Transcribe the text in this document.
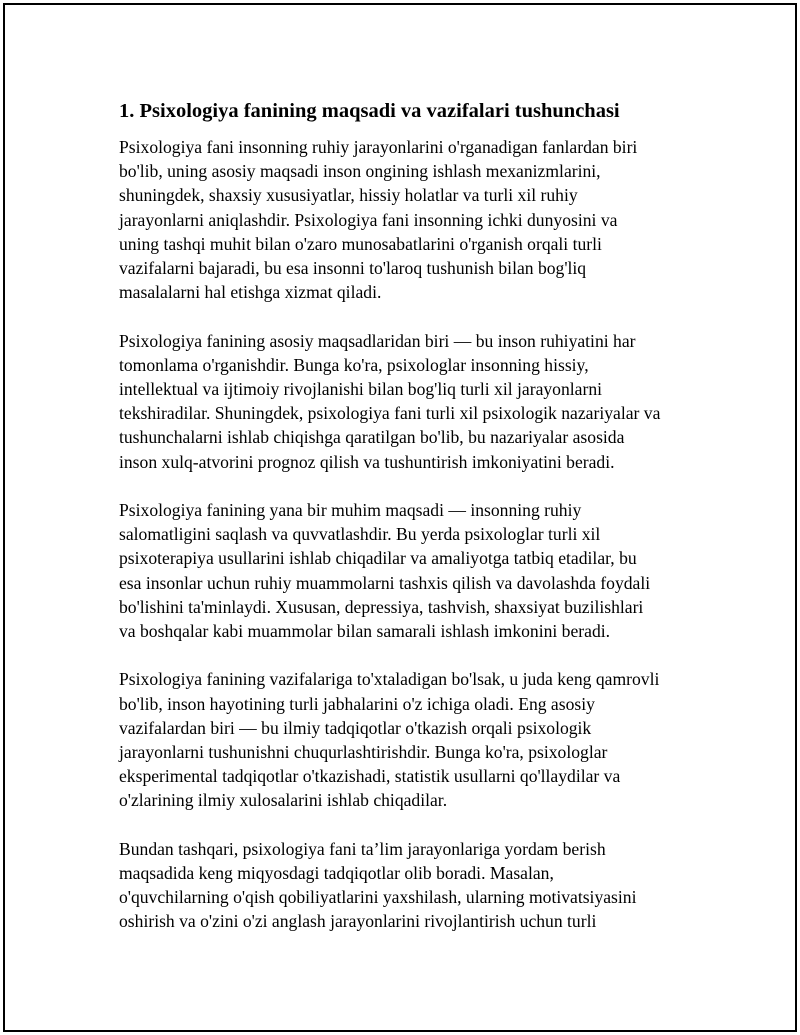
1. Psixologiya fanining maqsadi va vazifalari tushunchasi

Psixologiya fani insonning ruhiy jarayonlarini o'rganadigan fanlardan biri
bo'lib, uning asosiy maqsadi inson ongining ishlash mexanizmlarini,
shuningdek, shaxsiy xususiyatlar, hissiy holatlar va turli xil ruhiy
jarayonlarni aniqlashdir. Psixologiya fani insonning ichki dunyosini va
uning tashqi muhit bilan o'zaro munosabatlarini o'rganish orqali turli
vazifalarni bajaradi, bu esa insonni to'laroq tushunish bilan bog'liq
masalalarni hal etishga xizmat qiladi.

Psixologiya fanining asosiy maqsadlaridan biri — bu inson ruhiyatini har
tomonlama o'rganishdir. Bunga ko'ra, psixologlar insonning hissiy,
intellektual va ijtimoiy rivojlanishi bilan bog'liq turli xil jarayonlarni
tekshiradilar. Shuningdek, psixologiya fani turli xil psixologik nazariyalar va
tushunchalarni ishlab chiqishga qaratilgan bo'lib, bu nazariyalar asosida
inson xulq-atvorini prognoz qilish va tushuntirish imkoniyatini beradi.

Psixologiya fanining yana bir muhim maqsadi — insonning ruhiy
salomatligini saqlash va quvvatlashdir. Bu yerda psixologlar turli xil
psixoterapiya usullarini ishlab chiqadilar va amaliyotga tatbiq etadilar, bu
esa insonlar uchun ruhiy muammolarni tashxis qilish va davolashda foydali
bo'lishini ta'minlaydi. Xususan, depressiya, tashvish, shaxsiyat buzilishlari
va boshqalar kabi muammolar bilan samarali ishlash imkonini beradi.

Psixologiya fanining vazifalariga to'xtaladigan bo'lsak, u juda keng qamrovli
bo'lib, inson hayotining turli jabhalarini o'z ichiga oladi. Eng asosiy
vazifalardan biri — bu ilmiy tadqiqotlar o'tkazish orqali psixologik
jarayonlarni tushunishni chuqurlashtirishdir. Bunga ko'ra, psixologlar
eksperimental tadqiqotlar o'tkazishadi, statistik usullarni qo'llaydilar va
o'zlarining ilmiy xulosalarini ishlab chiqadilar.

Bundan tashqari, psixologiya fani ta’lim jarayonlariga yordam berish
maqsadida keng miqyosdagi tadqiqotlar olib boradi. Masalan,
o'quvchilarning o'qish qobiliyatlarini yaxshilash, ularning motivatsiyasini
oshirish va o'zini o'zi anglash jarayonlarini rivojlantirish uchun turli
